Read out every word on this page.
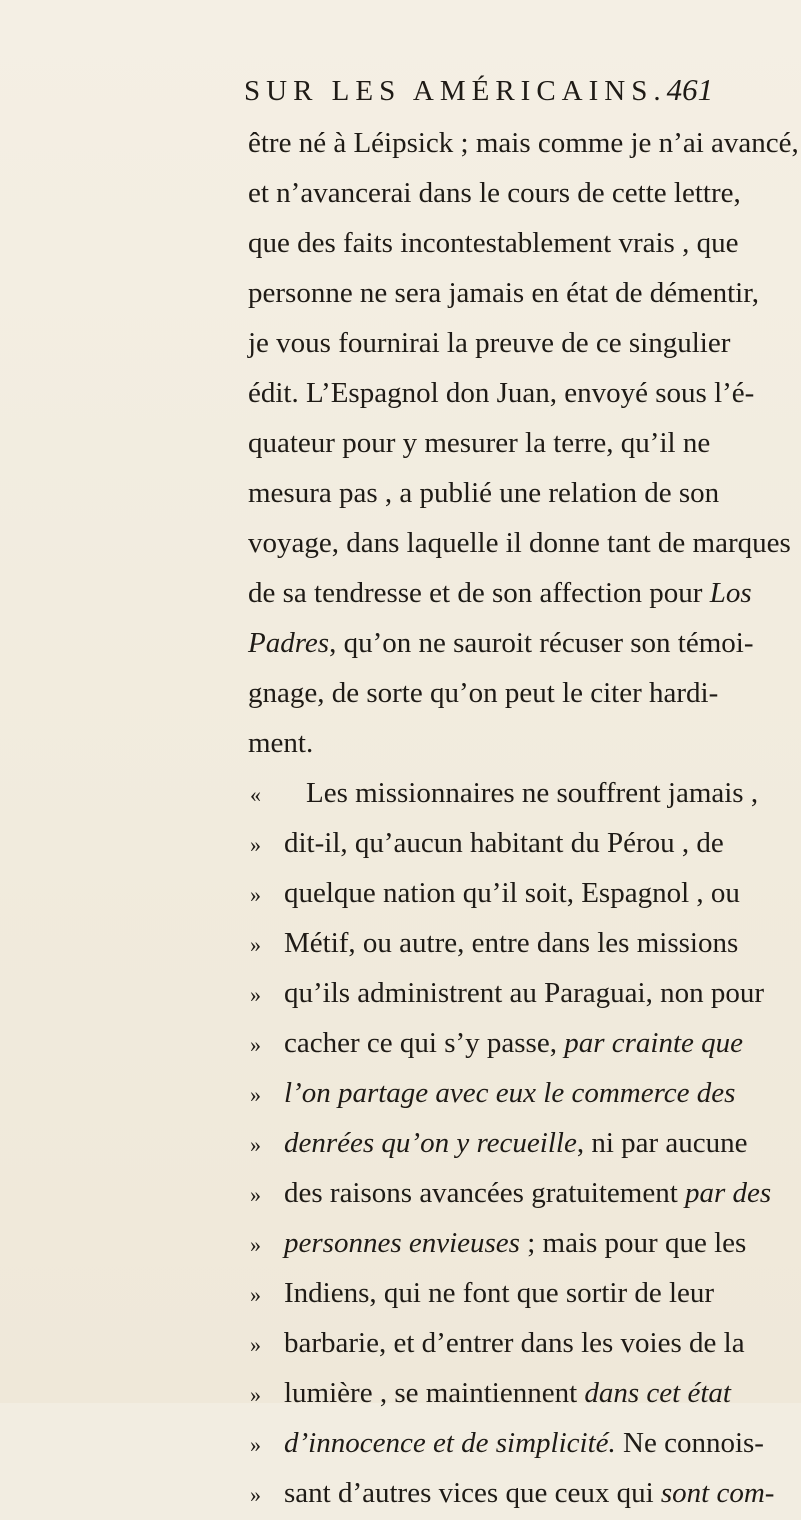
SUR LES AMÉRICAINS. 461
être né à Léipsick ; mais comme je n’ai avancé,
et n’avancerai dans le cours de cette lettre,
que des faits incontestablement vrais , que
personne ne sera jamais en état de démentir,
je vous fournirai la preuve de ce singulier
édit. L’Espagnol don Juan, envoyé sous l’é-
quateur pour y mesurer la terre, qu’il ne
mesura pas , a publié une relation de son
voyage, dans laquelle il donne tant de marques
de sa tendresse et de son affection pour Los
Padres, qu’on ne sauroit récuser son témoi-
gnage, de sorte qu’on peut le citer hardi-
ment.
« Les missionnaires ne souffrent jamais ,
» dit-il, qu’aucun habitant du Pérou , de
» quelque nation qu’il soit, Espagnol , ou
» Métif, ou autre, entre dans les missions
» qu’ils administrent au Paraguai, non pour
» cacher ce qui s’y passe, par crainte que
» l’on partage avec eux le commerce des
» denrées qu’on y recueille, ni par aucune
» des raisons avancées gratuitement par des
» personnes envieuses ; mais pour que les
» Indiens, qui ne font que sortir de leur
» barbarie, et d’entrer dans les voies de la
» lumière , se maintiennent dans cet état
» d’innocence et de simplicité. Ne connois-
» sant d’autres vices que ceux qui sont com-
